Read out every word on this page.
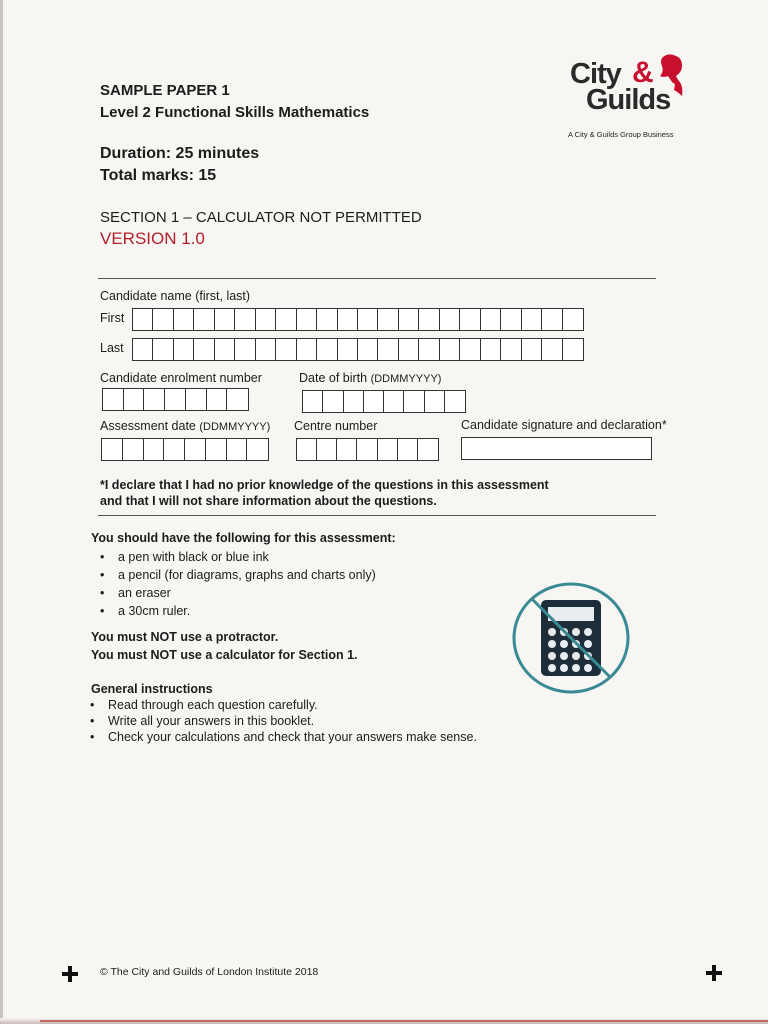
SAMPLE PAPER 1
Level 2 Functional Skills Mathematics
Duration: 25 minutes
Total marks: 15
SECTION 1 – CALCULATOR NOT PERMITTED
VERSION 1.0
City
Guilds
&
A City & Guilds Group Business
Candidate name (first, last)
First
Last
Candidate enrolment number	Date of birth (DDMMYYYY)
Assessment date (DDMMYYYY) Centre number	Candidate signature and declaration*
*I declare that I had no prior knowledge of the questions in this assessment
and that I will not share information about the questions.
You should have the following for this assessment:
• a pen with black or blue ink
• a pencil (for diagrams, graphs and charts only)
• an eraser
• a 30cm ruler.
You must NOT use a protractor.
You must NOT use a calculator for Section 1.
General instructions
• Read through each question carefully.
• Write all your answers in this booklet.
• Check your calculations and check that your answers make sense.
© The City and Guilds of London Institute 2018
